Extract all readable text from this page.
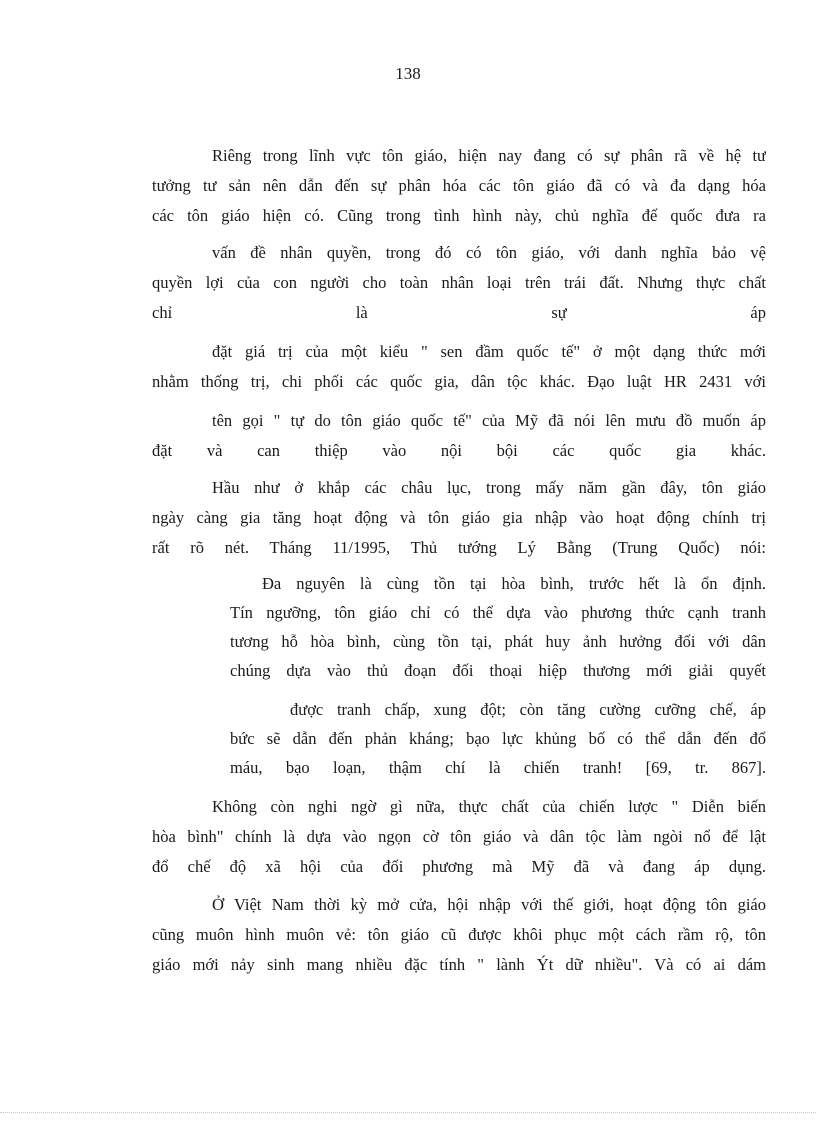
138
Riêng trong lĩnh vực tôn giáo, hiện nay đang có sự phân rã về hệ tư
tưởng tư sản nên dẫn đến sự phân hóa các tôn giáo đã có và đa dạng hóa
các tôn giáo hiện có. Cũng trong tình hình này, chủ nghĩa đế quốc đưa ra
vấn đề nhân quyền, trong đó có tôn giáo, với danh nghĩa bảo vệ
quyền lợi của con người cho toàn nhân loại trên trái đất. Nhưng thực chất
chỉ là sự áp
đặt giá trị của một kiểu " sen đầm quốc tế" ở một dạng thức mới
nhằm thống trị, chi phối các quốc gia, dân tộc khác. Đạo luật HR 2431 với
tên gọi " tự do tôn giáo quốc tế" của Mỹ đã nói lên mưu đồ muốn áp
đặt và can thiệp vào nội bội các quốc gia khác.
Hầu như ở khắp các châu lục, trong mấy năm gần đây, tôn giáo
ngày càng gia tăng hoạt động và tôn giáo gia nhập vào hoạt động chính trị
rất rõ nét. Tháng 11/1995, Thủ tướng Lý Bằng (Trung Quốc) nói:
Đa nguyên là cùng tồn tại hòa bình, trước hết là ổn định.
Tín ngưỡng, tôn giáo chỉ có thể dựa vào phương thức cạnh tranh
tương hỗ hòa bình, cùng tồn tại, phát huy ảnh hưởng đối với dân
chúng dựa vào thủ đoạn đối thoại hiệp thương mới giải quyết
được tranh chấp, xung đột; còn tăng cường cưỡng chế, áp
bức sẽ dẫn đến phản kháng; bạo lực khủng bố có thể dẫn đến đổ
máu, bạo loạn, thậm chí là chiến tranh! [69, tr. 867].
Không còn nghi ngờ gì nữa, thực chất của chiến lược " Diễn biến
hòa bình" chính là dựa vào ngọn cờ tôn giáo và dân tộc làm ngòi nổ để lật
đổ chế độ xã hội của đối phương mà Mỹ đã và đang áp dụng.
Ở Việt Nam thời kỳ mở cửa, hội nhập với thế giới, hoạt động tôn giáo
cũng muôn hình muôn vẻ: tôn giáo cũ được khôi phục một cách rầm rộ, tôn
giáo mới nảy sinh mang nhiều đặc tính " lành Ýt dữ nhiều". Và có ai dám
